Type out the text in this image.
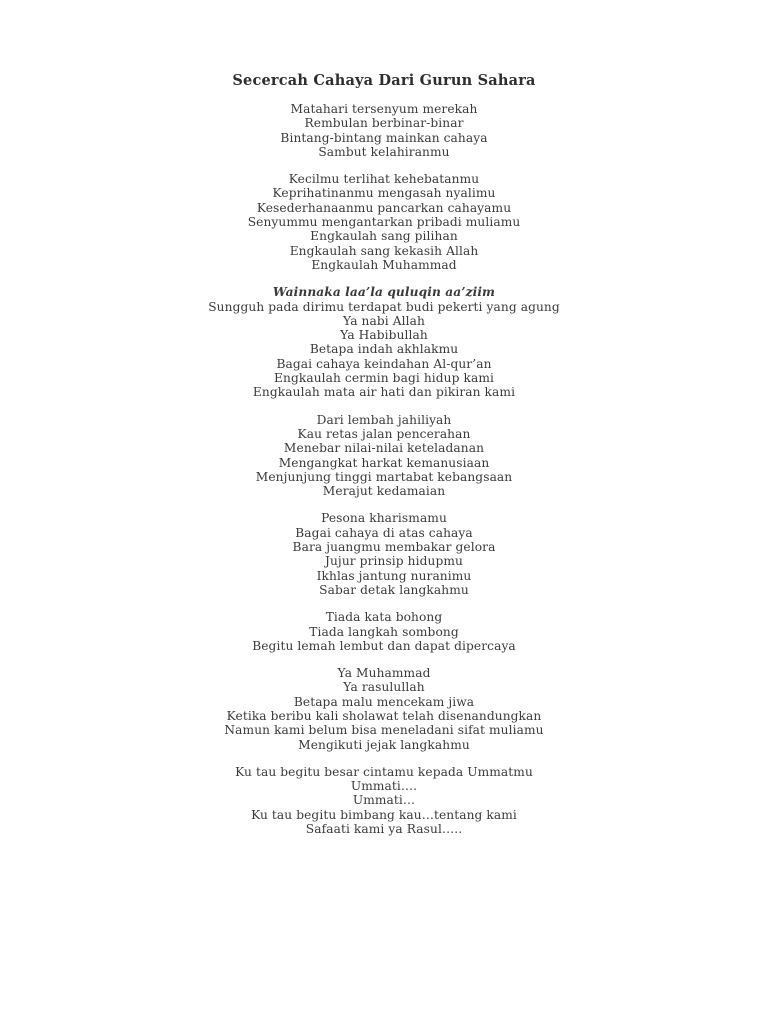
Secercah Cahaya Dari Gurun Sahara
Matahari tersenyum merekah
Rembulan berbinar-binar
Bintang-bintang mainkan cahaya
Sambut kelahiranmu
Kecilmu terlihat kehebatanmu
Keprihatinanmu mengasah nyalimu
Kesederhanaanmu pancarkan cahayamu
Senyummu mengantarkan pribadi muliamu
Engkaulah sang pilihan
Engkaulah sang kekasih Allah
Engkaulah Muhammad
Wainnaka laa’la quluqin aa’ziim
Sungguh pada dirimu terdapat budi pekerti yang agung
Ya nabi Allah
Ya Habibullah
Betapa indah akhlakmu
Bagai cahaya keindahan Al-qur’an
Engkaulah cermin bagi hidup kami
Engkaulah mata air hati dan pikiran kami
Dari lembah jahiliyah
Kau retas jalan pencerahan
Menebar nilai-nilai keteladanan
Mengangkat harkat kemanusiaan
Menjunjung tinggi martabat kebangsaan
Merajut kedamaian
Pesona kharismamu
Bagai cahaya di atas cahaya
Bara juangmu membakar gelora
Jujur prinsip hidupmu
Ikhlas jantung nuranimu
Sabar detak langkahmu
Tiada kata bohong
Tiada langkah sombong
Begitu lemah lembut dan dapat dipercaya
Ya Muhammad
Ya rasulullah
Betapa malu mencekam jiwa
Ketika beribu kali sholawat telah disenandungkan
Namun kami belum bisa meneladani sifat muliamu
Mengikuti jejak langkahmu
Ku tau begitu besar cintamu kepada Ummatmu
Ummati….
Ummati…
Ku tau begitu bimbang kau…tentang kami
Safaati kami ya Rasul…..
